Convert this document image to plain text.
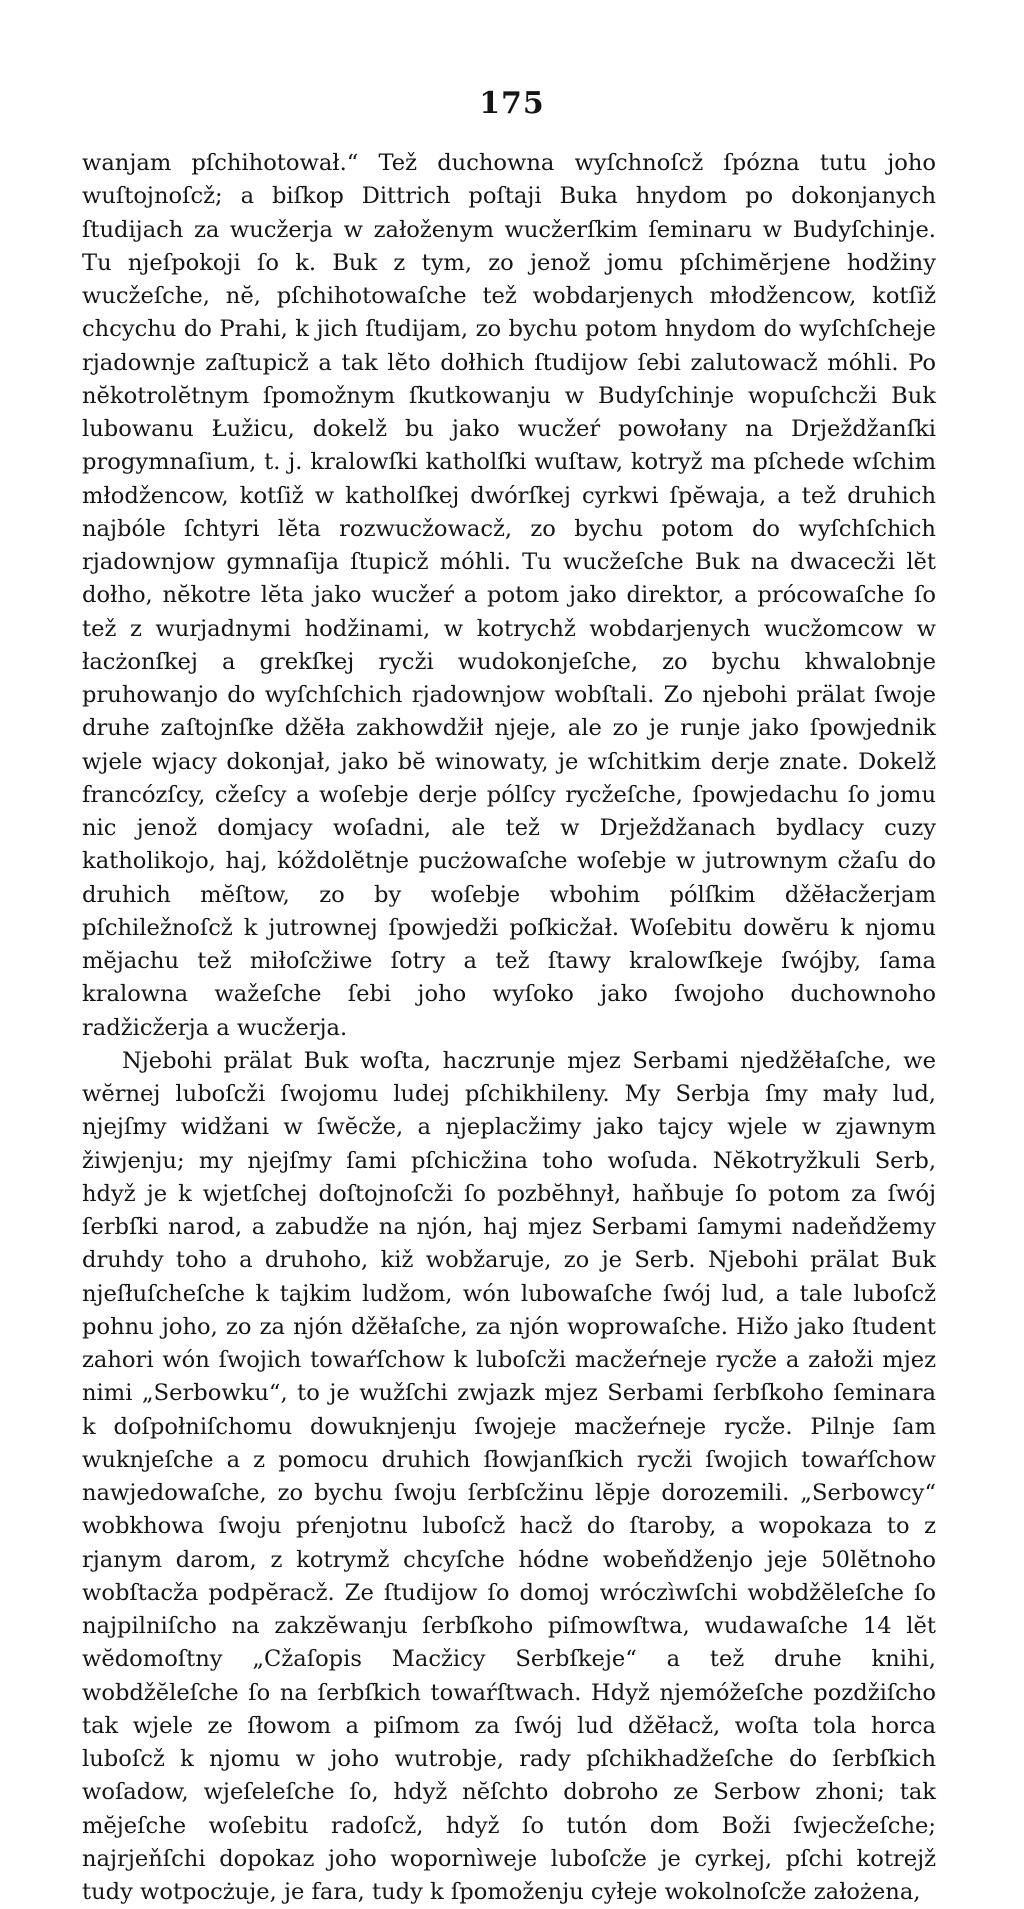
175

wanjam pſchihotował.“ Tež duchowna wyſchnoſcž ſpózna tutu joho wuſtojnoſcž; a biſkop Dittrich poſtaji Buka hnydom po dokonjanych ſtudijach za wucžerja w załoženym wucžerſkim ſeminaru w Budyſchinje. Tu njeſpokoji ſo k. Buk z tym, zo jenož jomu pſchimĕrjene hodžiny wucžeſche, nĕ, pſchihotowaſche tež wobdarjenych młodžencow, kotſiž chcychu do Prahi, k jich ſtudijam, zo bychu potom hnydom do wyſchſcheje rjadownje zaſtupicž a tak lĕto dołhich ſtudijow ſebi zalutowacž móhli. Po nĕkotrolĕtnym ſpomožnym ſkutkowanju w Budyſchinje wopuſchcži Buk lubowanu Łužicu, dokelž bu jako wucžeŕ powołany na Drježdžanſki progymnaſium, t. j. kralowſki katholſki wuſtaw, kotryž ma pſchede wſchim młodžencow, kotſiž w katholſkej dwórſkej cyrkwi ſpĕwaja, a tež druhich najbóle ſchtyri lĕta rozwucžowacž, zo bychu potom do wyſchſchich rjadownjow gymnaſija ſtupicž móhli. Tu wucžeſche Buk na dwacecži lĕt dołho, nĕkotre lĕta jako wucžeŕ a potom jako direktor, a prócowaſche ſo tež z wurjadnymi hodžinami, w kotrychž wobdarjenych wucžomcow w łacżonſkej a grekſkej rycži wudokonjeſche, zo bychu khwalobnje pruhowanjo do wyſchſchich rjadownjow wobſtali. Zo njebohi prälat ſwoje druhe zaſtojnſke džĕła zakhowdžił njeje, ale zo je runje jako ſpowjednik wjele wjacy dokonjał, jako bĕ winowaty, je wſchitkim derje znate. Dokelž francózſcy, cžeſcy a woſebje derje pólſcy rycžeſche, ſpowjedachu ſo jomu nic jenož domjacy woſadni, ale tež w Drježdžanach bydlacy cuzy katholikojo, haj, kóždolĕtnje pucżowaſche woſebje w jutrownym cžaſu do druhich mĕſtow, zo by woſebje wbohim pólſkim džĕłacžerjam pſchiležnoſcž k jutrownej ſpowjedži poſkicžał. Woſebitu dowĕru k njomu mĕjachu tež miłoſcžiwe ſotry a tež ſtawy kralowſkeje ſwójby, ſama kralowna wažeſche ſebi joho wyſoko jako ſwojoho duchownoho radžicžerja a wucžerja.

Njebohi prälat Buk woſta, haczrunje mjez Serbami njedžĕłaſche, we wĕrnej luboſcži ſwojomu ludej pſchikhileny. My Serbja ſmy mały lud, njejſmy widžani w ſwĕcže, a njeplacžimy jako tajcy wjele w zjawnym žiwjenju; my njejſmy ſami pſchicžina toho woſuda. Nĕkotryžkuli Serb, hdyž je k wjetſchej doſtojnoſcži ſo pozbĕhnył, haňbuje ſo potom za ſwój ſerbſki narod, a zabudže na njón, haj mjez Serbami ſamymi nadeňdžemy druhdy toho a druhoho, kiž wobžaruje, zo je Serb. Njebohi prälat Buk njeſłuſcheſche k tajkim ludžom, wón lubowaſche ſwój lud, a tale luboſcž pohnu joho, zo za njón džĕłaſche, za njón woprowaſche. Hižo jako ſtudent zahori wón ſwojich towaŕſchow k luboſcži macžeŕneje rycže a załoži mjez nimi „Serbowku“, to je wužſchi zwjazk mjez Serbami ſerbſkoho ſeminara k doſpołniſchomu dowuknjenju ſwojeje macžeŕneje rycže. Pilnje ſam wuknjeſche a z pomocu druhich ſłowjanſkich rycži ſwojich towaŕſchow nawjedowaſche, zo bychu ſwoju ſerbſcžinu lĕpje dorozemili. „Serbowcy“ wobkhowa ſwoju pŕenjotnu luboſcž hacž do ſtaroby, a wopokaza to z rjanym darom, z kotrymž chcyſche hódne wobeňdženjo jeje 50lĕtnoho wobſtacža podpĕracž. Ze ſtudijow ſo domoj wróczìwſchi wobdžĕleſche ſo najpilniſcho na zakzĕwanju ſerbſkoho piſmowſtwa, wudawaſche 14 lĕt wĕdomoſtny „Cžaſopis Macžicy Serbſkeje“ a tež druhe knihi, wobdžĕleſche ſo na ſerbſkich towaŕſtwach. Hdyž njemóžeſche pozdžiſcho tak wjele ze ſłowom a piſmom za ſwój lud džĕłacž, woſta tola horca luboſcž k njomu w joho wutrobje, rady pſchikhadžeſche do ſerbſkich woſadow, wjeſeleſche ſo, hdyž nĕſchto dobroho ze Serbow zhoni; tak mĕjeſche woſebitu radoſcž, hdyž ſo tutón dom Boži ſwjecžeſche; najrjeňſchi dopokaz joho wopornìweje luboſcže je cyrkej, pſchi kotrejž tudy wotpocżuje, je fara, tudy k ſpomoženju cyłeje wokolnoſcže założena,
